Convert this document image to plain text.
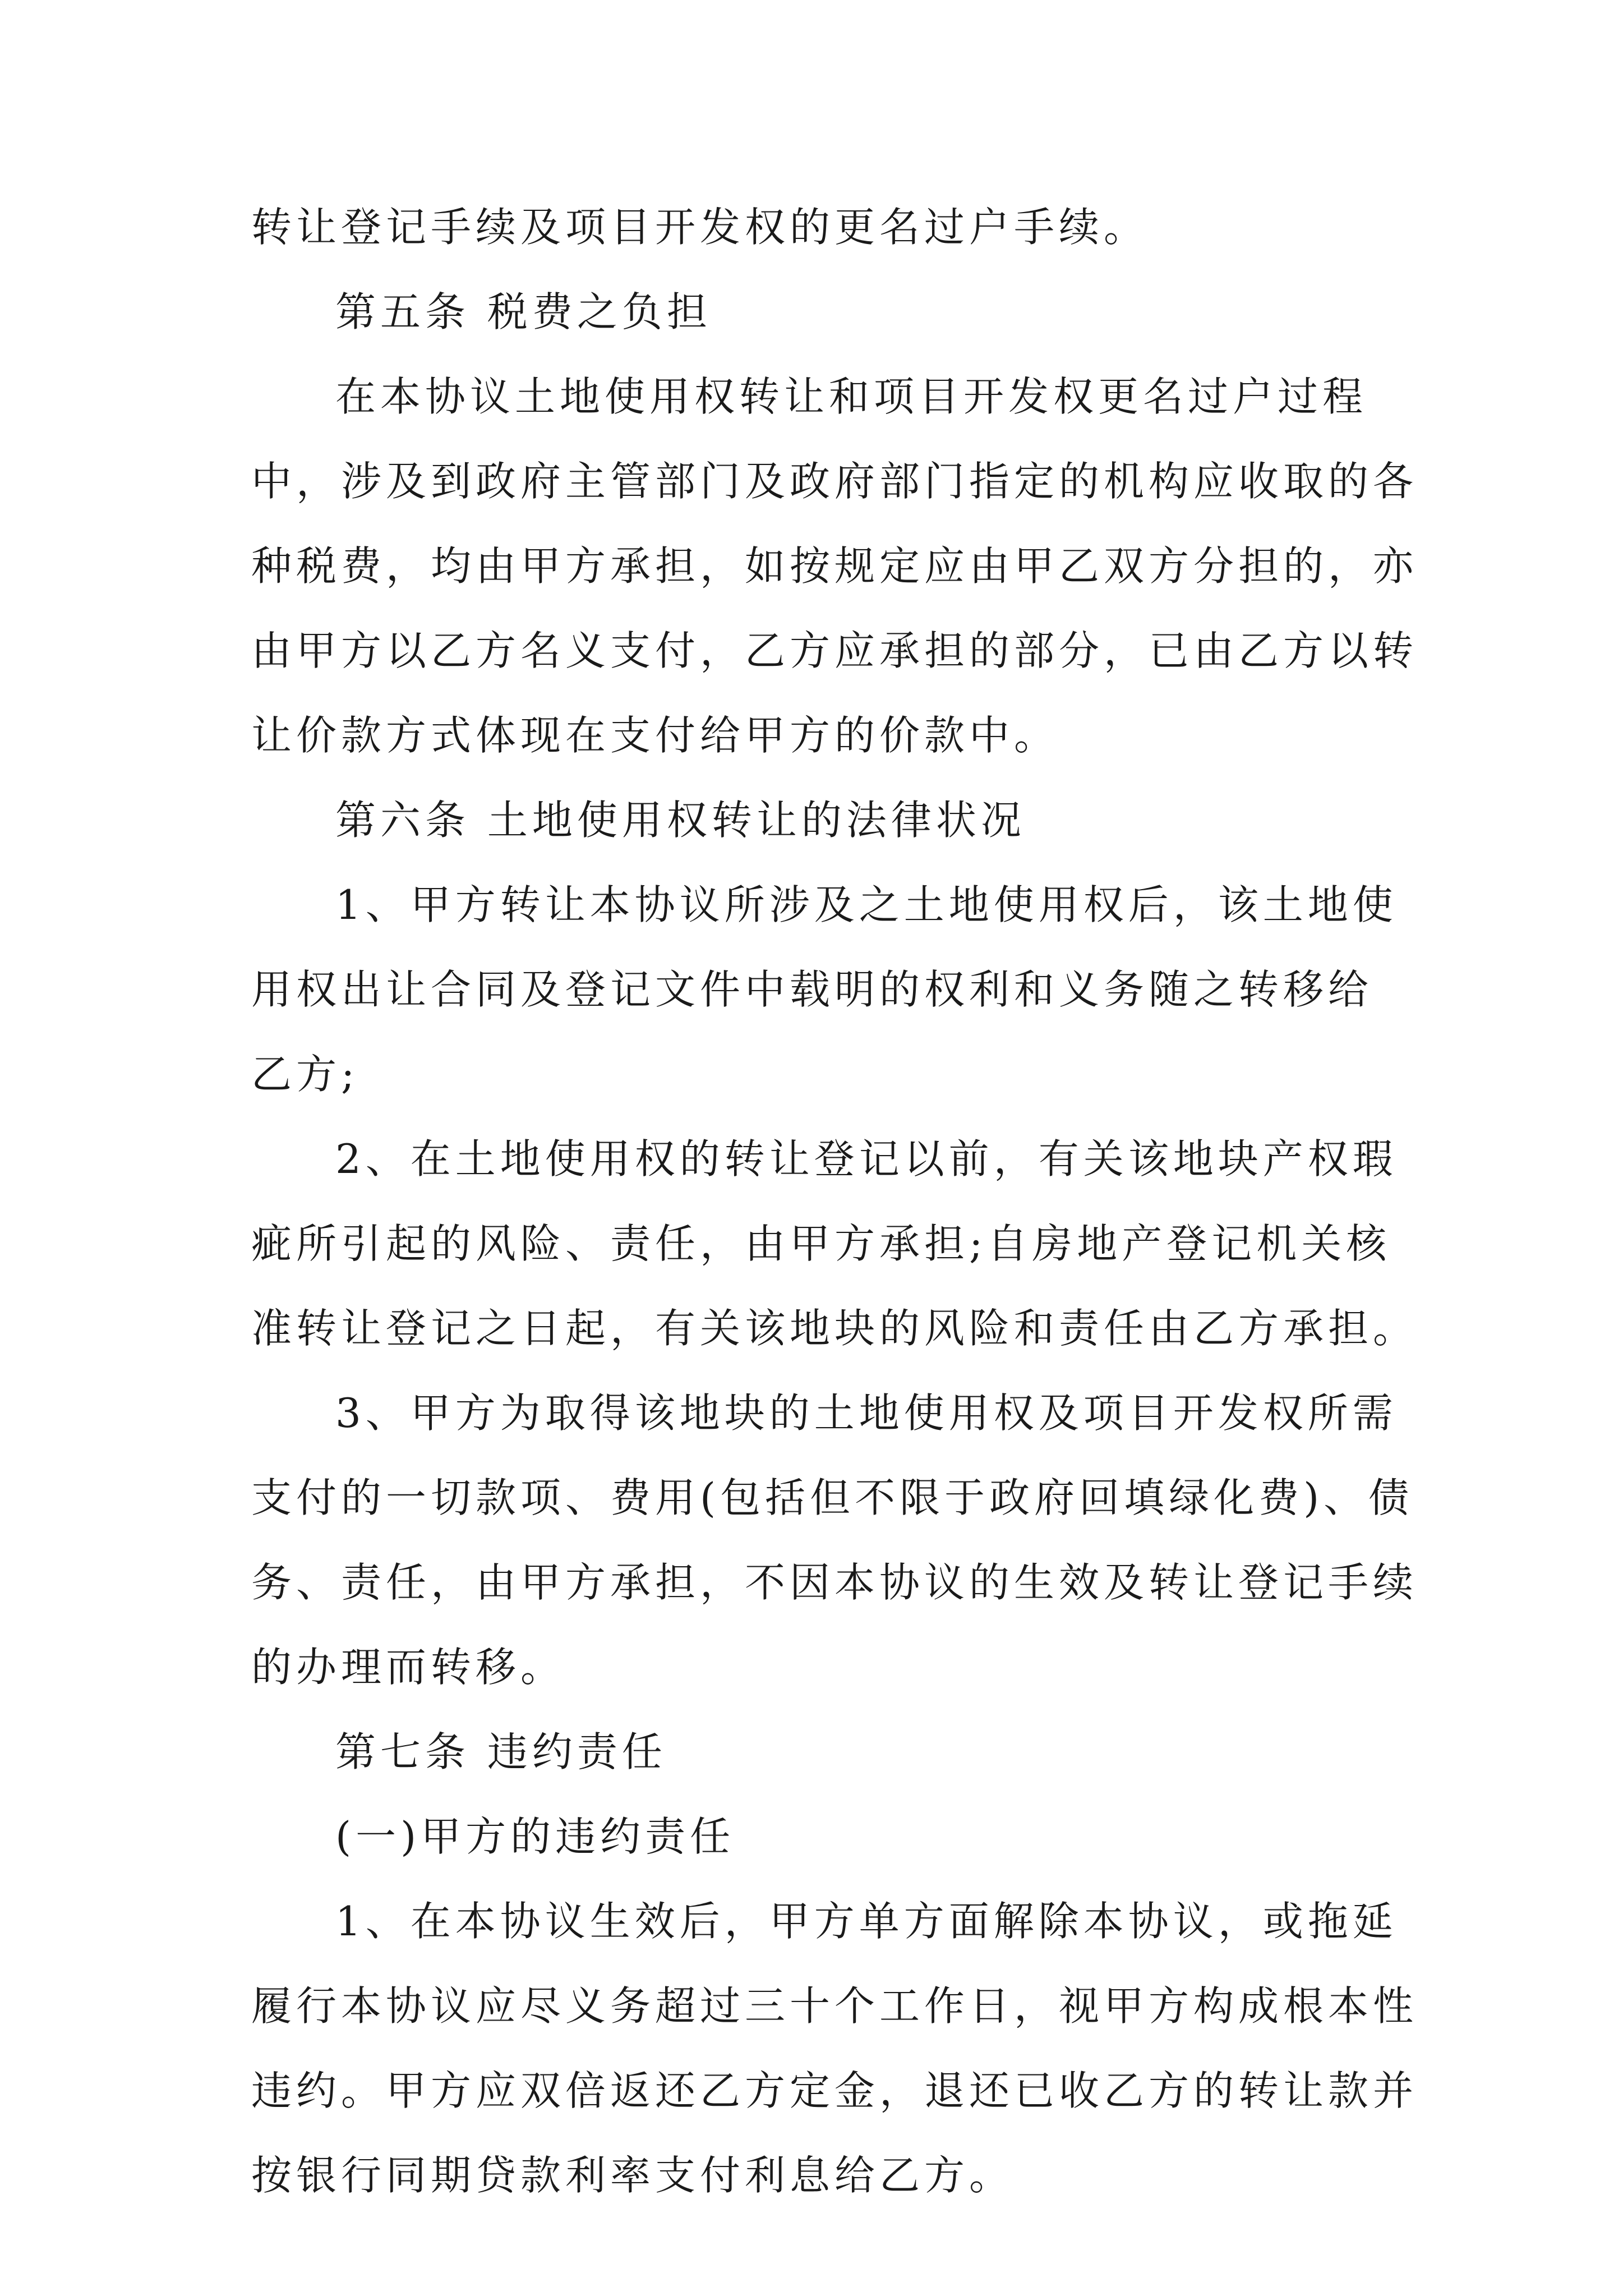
转让登记手续及项目开发权的更名过户手续。
第五条 税费之负担
在本协议土地使用权转让和项目开发权更名过户过程
中，涉及到政府主管部门及政府部门指定的机构应收取的各
种税费，均由甲方承担，如按规定应由甲乙双方分担的，亦
由甲方以乙方名义支付，乙方应承担的部分，已由乙方以转
让价款方式体现在支付给甲方的价款中。
第六条 土地使用权转让的法律状况
1、甲方转让本协议所涉及之土地使用权后，该土地使
用权出让合同及登记文件中载明的权利和义务随之转移给
乙方;
2、在土地使用权的转让登记以前，有关该地块产权瑕
疵所引起的风险、责任，由甲方承担;自房地产登记机关核
准转让登记之日起，有关该地块的风险和责任由乙方承担。
3、甲方为取得该地块的土地使用权及项目开发权所需
支付的一切款项、费用(包括但不限于政府回填绿化费)、债
务、责任，由甲方承担，不因本协议的生效及转让登记手续
的办理而转移。
第七条 违约责任
(一)甲方的违约责任
1、在本协议生效后，甲方单方面解除本协议，或拖延
履行本协议应尽义务超过三十个工作日，视甲方构成根本性
违约。甲方应双倍返还乙方定金，退还已收乙方的转让款并
按银行同期贷款利率支付利息给乙方。
